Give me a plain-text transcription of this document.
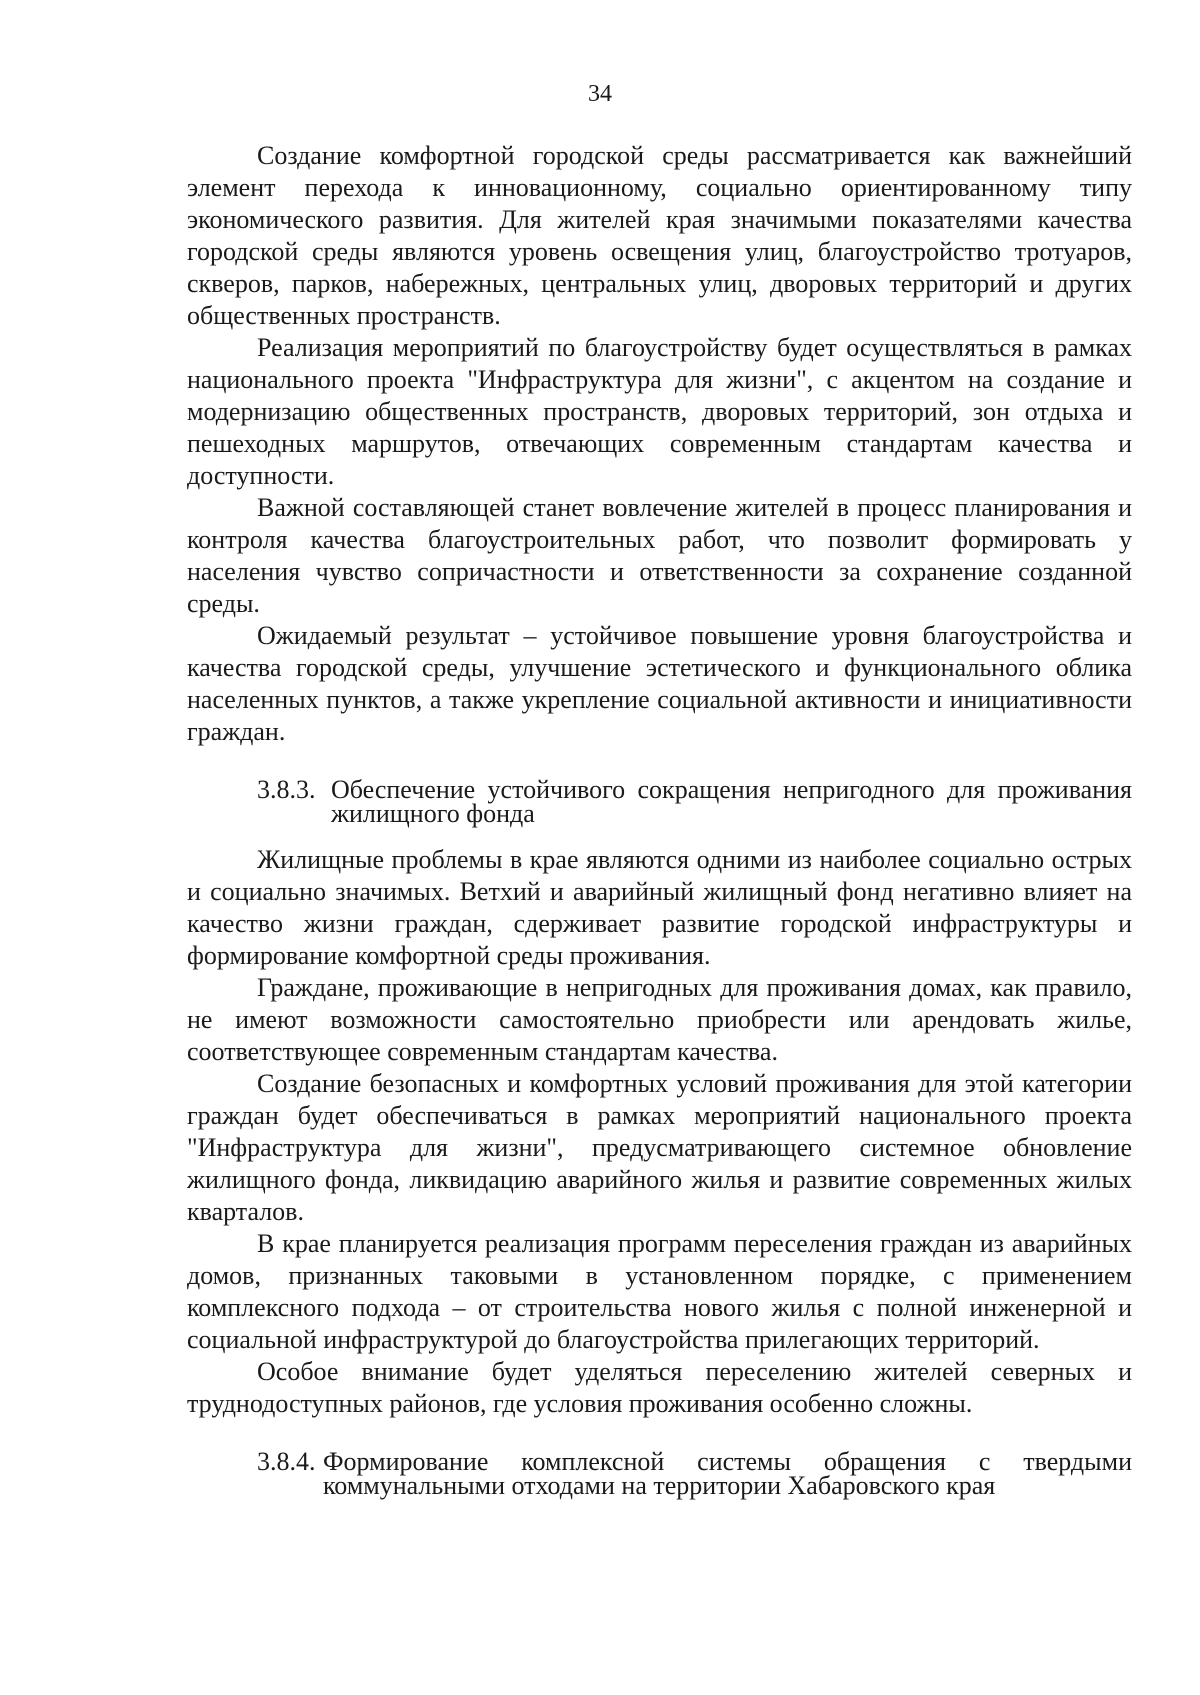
34

Создание комфортной городской среды рассматривается как важнейший элемент перехода к инновационному, социально ориентированному типу экономического развития. Для жителей края значимыми показателями качества городской среды являются уровень освещения улиц, благоустройство тротуаров, скверов, парков, набережных, центральных улиц, дворовых территорий и других общественных пространств.

Реализация мероприятий по благоустройству будет осуществляться в рамках национального проекта "Инфраструктура для жизни", с акцентом на создание и модернизацию общественных пространств, дворовых территорий, зон отдыха и пешеходных маршрутов, отвечающих современным стандартам качества и доступности.

Важной составляющей станет вовлечение жителей в процесс планирования и контроля качества благоустроительных работ, что позволит формировать у населения чувство сопричастности и ответственности за сохранение созданной среды.

Ожидаемый результат – устойчивое повышение уровня благоустройства и качества городской среды, улучшение эстетического и функционального облика населенных пунктов, а также укрепление социальной активности и инициативности граждан.

3.8.3. Обеспечение устойчивого сокращения непригодного для проживания жилищного фонда

Жилищные проблемы в крае являются одними из наиболее социально острых и социально значимых. Ветхий и аварийный жилищный фонд негативно влияет на качество жизни граждан, сдерживает развитие городской инфраструктуры и формирование комфортной среды проживания.

Граждане, проживающие в непригодных для проживания домах, как правило, не имеют возможности самостоятельно приобрести или арендовать жилье, соответствующее современным стандартам качества.

Создание безопасных и комфортных условий проживания для этой категории граждан будет обеспечиваться в рамках мероприятий национального проекта "Инфраструктура для жизни", предусматривающего системное обновление жилищного фонда, ликвидацию аварийного жилья и развитие современных жилых кварталов.

В крае планируется реализация программ переселения граждан из аварийных домов, признанных таковыми в установленном порядке, с применением комплексного подхода – от строительства нового жилья с полной инженерной и социальной инфраструктурой до благоустройства прилегающих территорий.

Особое внимание будет уделяться переселению жителей северных и труднодоступных районов, где условия проживания особенно сложны.

3.8.4. Формирование комплексной системы обращения с твердыми коммунальными отходами на территории Хабаровского края
